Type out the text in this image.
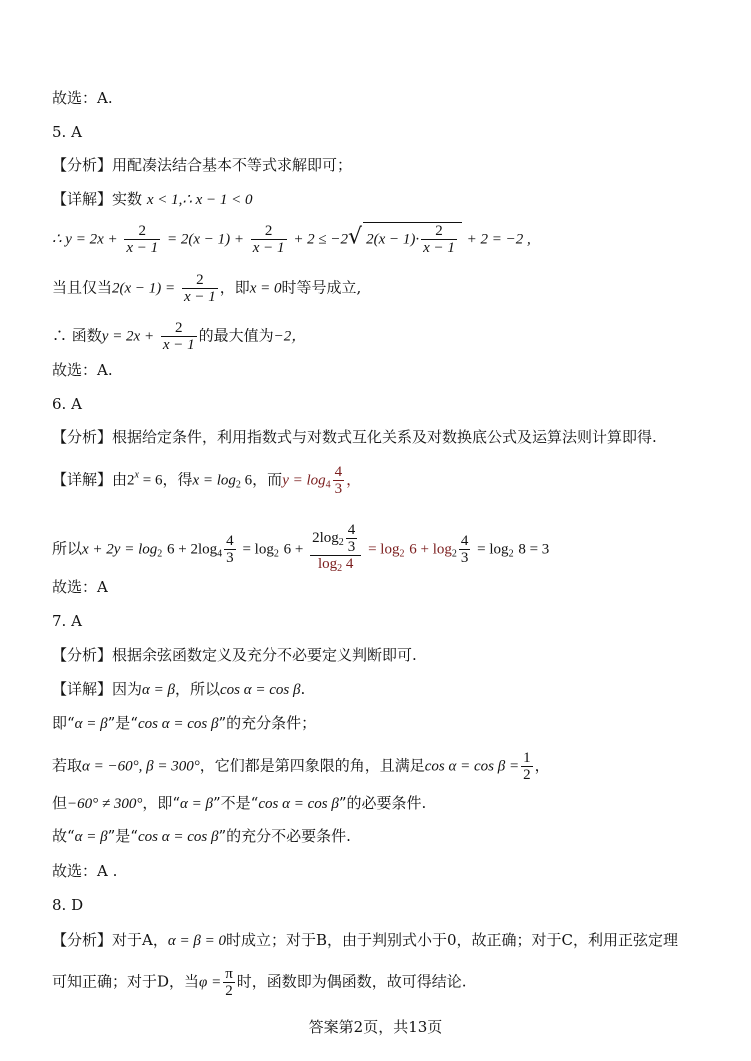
故选：A.
5. A
【分析】用配凑法结合基本不等式求解即可；
【详解】实数 x < 1,∴ x − 1 < 0
∴ $y = 2x + \frac{2}{x - 1} = 2(x - 1) + \frac{2}{x - 1} + 2 \le -2√$ $2(x - 1)\cdot \frac{2}{x - 1} + 2 = -2$ ,
当且仅当$2(x - 1) = \frac{2}{x - 1}$ ，即x = 0时等号成立,
∴ 函数$y = 2x + \frac{2}{x - 1}$ 的最大值为−2，
故选：A.
6. A
【分析】根据给定条件，利用指数式与对数式互化关系及对数换底公式及运算法则计算即得.
【详解】由$2^x = 6$，得$x = \log_2 6$，而$y = \log_4 \frac{4}{3}$ ，
所以$x + 2y = \log_2 6 + 2\log_4 \frac{4}{3} = \log_2 6 + \frac{2\log_2 \frac{4}{3}}{\log_2 4} = \log_2 6 + \log_2 \frac{4}{3} = \log_2 8 = 3$
故选：A
7. A
【分析】根据余弦函数定义及充分不必要定义判断即可.
【详解】因为α = β，所以cos α = cos β.
即“α = β”是“cos α = cos β”的充分条件；
若取α = −60°, β = 300°，它们都是第四象限的角，且满足$\cos \alpha = \cos \beta = \frac{1}{2}$ ，
但−60° ≠ 300°，即“α = β”不是“cos α = cos β”的必要条件.
故“α = β”是“cos α = cos β”的充分不必要条件.
故选：A .
8. D
【分析】对于A，α = β = 0时成立；对于B，由于判别式小于0，故正确；对于C，利用正弦定理
可知正确；对于D，当$\varphi = \frac{\pi}{2}$ 时，函数即为偶函数，故可得结论.
答案第2页，共13页
